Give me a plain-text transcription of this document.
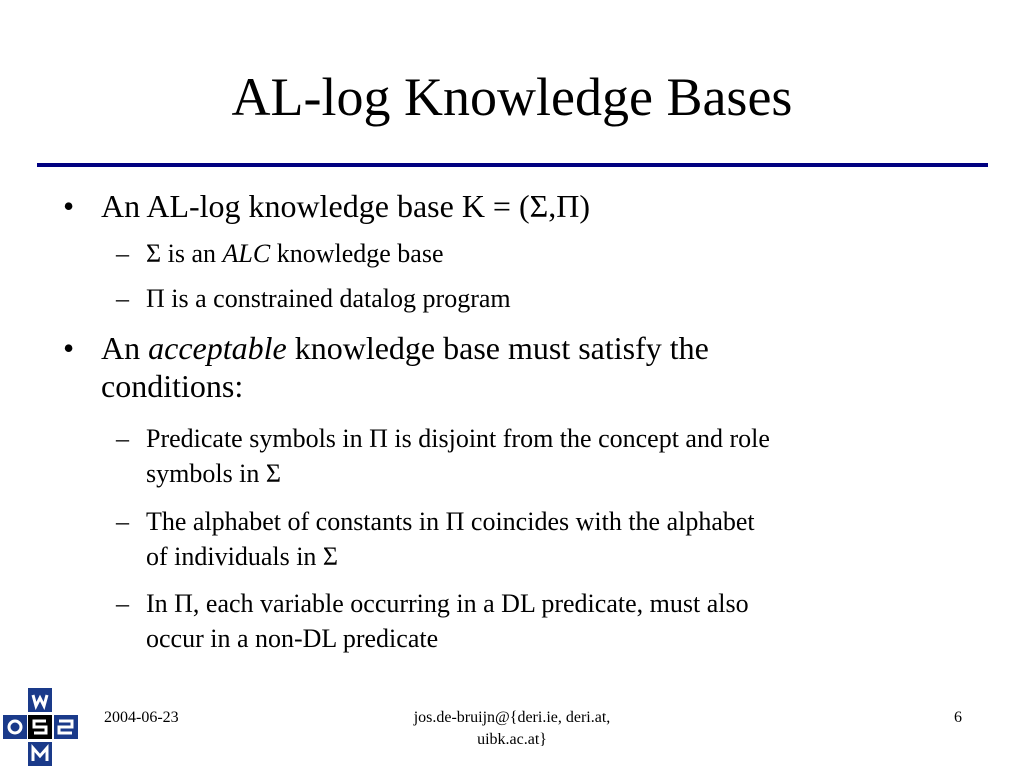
AL-log Knowledge Bases
• An AL-log knowledge base K = (Σ,Π)
– Σ is an ALC knowledge base
– Π is a constrained datalog program
• An acceptable knowledge base must satisfy the
conditions:
– Predicate symbols in Π is disjoint from the concept and role
symbols in Σ
– The alphabet of constants in Π coincides with the alphabet
of individuals in Σ
– In Π, each variable occurring in a DL predicate, must also
occur in a non-DL predicate
2004-06-23	jos.de-bruijn@{deri.ie, deri.at,
uibk.ac.at}
6
